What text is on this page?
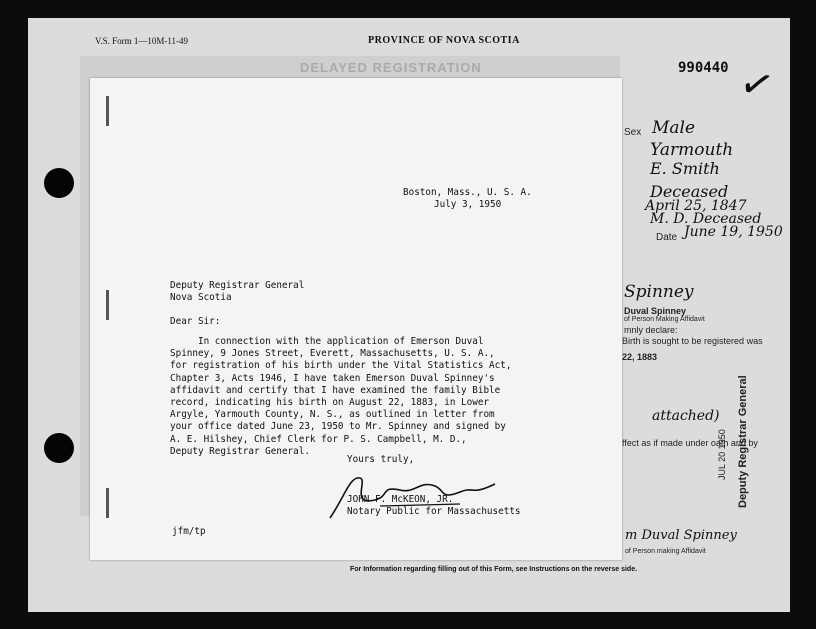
V.S. Form 1—10M-11-49	PROVINCE OF NOVA SCOTIA
990440 ✓
Sex Male
Yarmouth
E. Smith
Deceased
April 25, 1847
M. D. Deceased
Date June 19, 1950
Spinney
Duval Spinney
of Person Making Affidavit
mnly declare:
Birth is sought to be registered was
22, 1883
attached)
ffect as if made under oath and by
m Duval Spinney
of Person making Affidavit
Deputy Registrar General
JUL 20 1950
DELAYED REGISTRATION
Boston, Mass., U. S. A.
July 3, 1950
Deputy Registrar General
Nova Scotia
Dear Sir:
In connection with the application of Emerson Duval
Spinney, 9 Jones Street, Everett, Massachusetts, U. S. A.,
for registration of his birth under the Vital Statistics Act,
Chapter 3, Acts 1946, I have taken Emerson Duval Spinney's
affidavit and certify that I have examined the family Bible
record, indicating his birth on August 22, 1883, in Lower
Argyle, Yarmouth County, N. S., as outlined in letter from
your office dated June 23, 1950 to Mr. Spinney and signed by
A. E. Hilshey, Chief Clerk for P. S. Campbell, M. D.,
Deputy Registrar General.
Yours truly,
JOHN F. McKEON, JR.
Notary Public for Massachusetts
jfm/tp
For Information regarding filling out of this Form, see Instructions on the reverse side.
